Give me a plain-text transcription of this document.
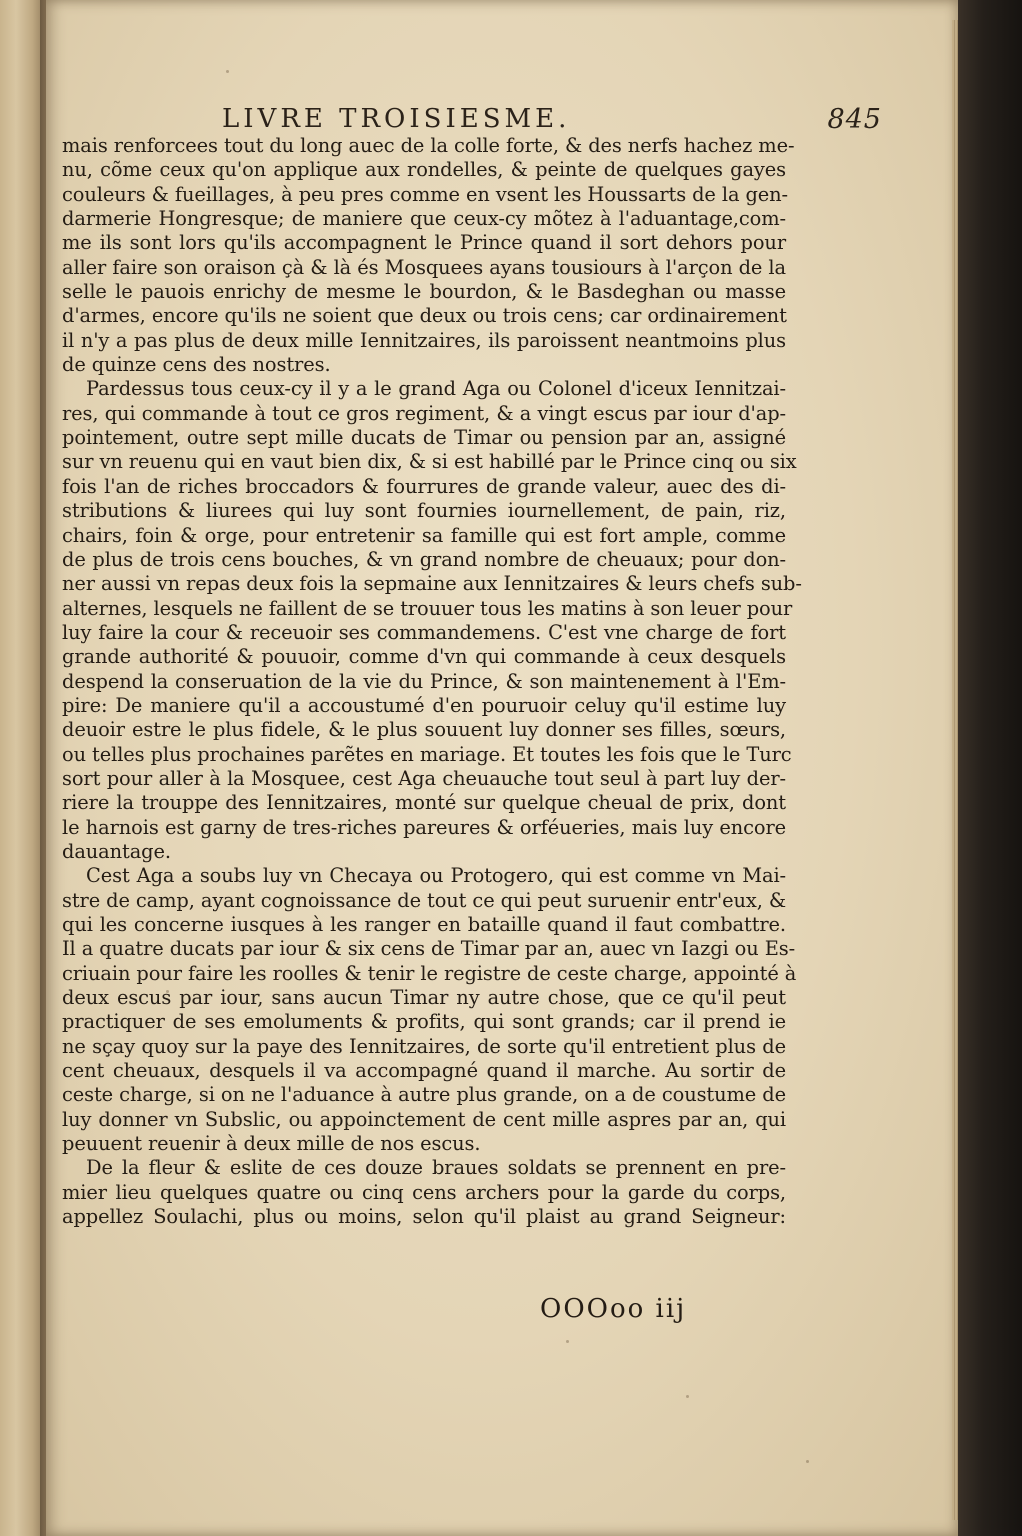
LIVRE TROISIESME.	845
mais renforcees tout du long auec de la colle forte, & des nerfs hachez me-
nu, cõme ceux qu'on applique aux rondelles, & peinte de quelques gayes
couleurs & fueillages, à peu pres comme en vsent les Houssarts de la gen-
darmerie Hongresque; de maniere que ceux-cy mõtez à l'aduantage,com-
me ils sont lors qu'ils accompagnent le Prince quand il sort dehors pour
aller faire son oraison çà & là és Mosquees ayans tousiours à l'arçon de la
selle le pauois enrichy de mesme le bourdon, & le Basdeghan ou masse
d'armes, encore qu'ils ne soient que deux ou trois cens; car ordinairement
il n'y a pas plus de deux mille Iennitzaires, ils paroissent neantmoins plus
de quinze cens des nostres.
Pardessus tous ceux-cy il y a le grand Aga ou Colonel d'iceux Iennitzai-
res, qui commande à tout ce gros regiment, & a vingt escus par iour d'ap-
pointement, outre sept mille ducats de Timar ou pension par an, assigné
sur vn reuenu qui en vaut bien dix, & si est habillé par le Prince cinq ou six
fois l'an de riches broccadors & fourrures de grande valeur, auec des di-
stributions & liurees qui luy sont fournies iournellement, de pain, riz,
chairs, foin & orge, pour entretenir sa famille qui est fort ample, comme
de plus de trois cens bouches, & vn grand nombre de cheuaux; pour don-
ner aussi vn repas deux fois la sepmaine aux Iennitzaires & leurs chefs sub-
alternes, lesquels ne faillent de se trouuer tous les matins à son leuer pour
luy faire la cour & receuoir ses commandemens. C'est vne charge de fort
grande authorité & pouuoir, comme d'vn qui commande à ceux desquels
despend la conseruation de la vie du Prince, & son maintenement à l'Em-
pire: De maniere qu'il a accoustumé d'en pouruoir celuy qu'il estime luy
deuoir estre le plus fidele, & le plus souuent luy donner ses filles, sœurs,
ou telles plus prochaines parẽtes en mariage. Et toutes les fois que le Turc
sort pour aller à la Mosquee, cest Aga cheuauche tout seul à part luy der-
riere la trouppe des Iennitzaires, monté sur quelque cheual de prix, dont
le harnois est garny de tres-riches pareures & orféueries, mais luy encore
dauantage.
Cest Aga a soubs luy vn Checaya ou Protogero, qui est comme vn Mai-
stre de camp, ayant cognoissance de tout ce qui peut suruenir entr'eux, &
qui les concerne iusques à les ranger en bataille quand il faut combattre.
Il a quatre ducats par iour & six cens de Timar par an, auec vn Iazgi ou Es-
criuain pour faire les roolles & tenir le registre de ceste charge, appointé à
deux escus par iour, sans aucun Timar ny autre chose, que ce qu'il peut
practiquer de ses emoluments & profits, qui sont grands; car il prend ie
ne sçay quoy sur la paye des Iennitzaires, de sorte qu'il entretient plus de
cent cheuaux, desquels il va accompagné quand il marche. Au sortir de
ceste charge, si on ne l'aduance à autre plus grande, on a de coustume de
luy donner vn Subslic, ou appoinctement de cent mille aspres par an, qui
peuuent reuenir à deux mille de nos escus.
De la fleur & eslite de ces douze braues soldats se prennent en pre-
mier lieu quelques quatre ou cinq cens archers pour la garde du corps,
appellez Soulachi, plus ou moins, selon qu'il plaist au grand Seigneur:
OOOoo iij
